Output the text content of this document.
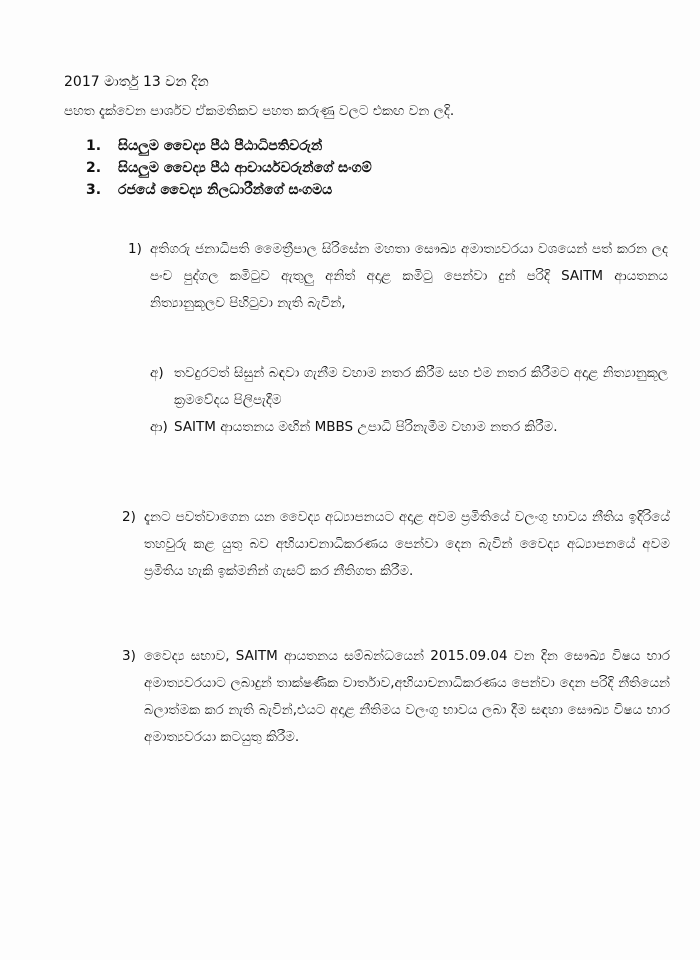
2017 මාර්තු 13 වන දින
පහත දැක්වෙන පාර්ශව ඒකමතිකව පහත කරුණු වලට එකඟ වන ලදි.
1.	සියලුම වෛද්‍ය පීඨ පීඨාධිපතිවරුන්
2.	සියලුම වෛද්‍ය පීඨ ආචාර්යවරුන්ගේ සංගම්
3.	රජයේ වෛද්‍ය නිලධාරීන්ගේ සංගමය
1) අතිගරු ජනාධිපති මෛත්‍රීපාල සිරිසේන මහතා සෞඛ්‍ය අමාත්‍යවරයා වශයෙන් පත් කරන ලද පංච පුද්ගල කමිටුව ඇතුලු අනිත් අදාළ කමිටු පෙන්වා දුන් පරිදි SAITM ආයතනය නිත්‍යානුකූලව පිහිටුවා නැති බැවින්,
අ) තවදුරටත් සිසුන් බඳවා ගැනීම වහාම නතර කිරීම සහ එම නතර කිරීමට අදාළ නිත්‍යානුකූල ක්‍රමවේදය පිලිපැදීම
ආ) SAITM ආයතනය මඟින් MBBS උපාධි පිරිනැමීම වහාම නතර කිරීම.
2) දැනට පවත්වාගෙන යන වෛද්‍ය අධ්‍යාපනයට අදාළ අවම ප්‍රමිතියේ වලංගු භාවය නීතිය ඉදිරියේ තහවුරු කළ යුතු බව අභියාචනාධිකරණය පෙන්වා දෙන බැවින් වෛද්‍ය අධ්‍යාපනයේ අවම ප්‍රමිතිය හැකි ඉක්මනින් ගැසට් කර නීතිගත කිරීම.
3) වෛද්‍ය සභාව, SAITM ආයතනය සම්බන්ධයෙන් 2015.09.04 වන දින සෞඛ්‍ය විෂය භාර අමාත්‍යවරයාට ලබාදුන් තාක්ෂණික වාර්තාව,අභියාචනාධිකරණය පෙන්වා දෙන පරිදි නීතියෙන් බලාත්මක කර නැති බැවින්,එයට අදාළ නීතිමය වලංගු භාවය ලබා දීම සඳහා සෞඛ්‍ය විෂය භාර අමාත්‍යවරයා කටයුතු කිරීම.
